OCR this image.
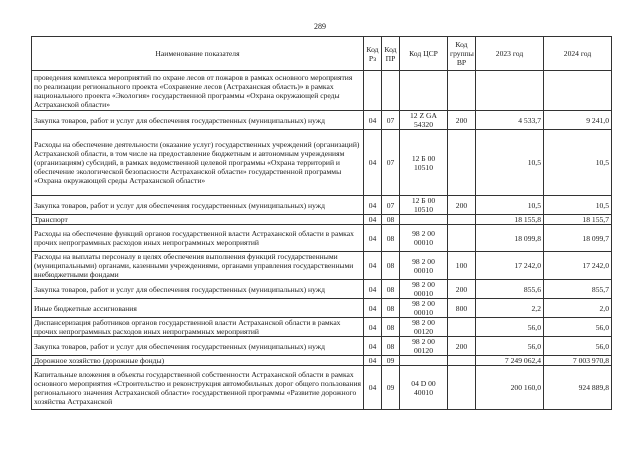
289
Наименование показателя	Код Рз	Код ПР	Код ЦСР	Код группы ВР	2023 год	2024 год
проведения комплекса мероприятий по охране лесов от пожаров в рамках основного мероприятия по реализации регионального проекта «Сохранение лесов (Астраханская область)» в рамках национального проекта «Экология» государственной программы «Охрана окружающей среды Астраханской области»						
Закупка товаров, работ и услуг для обеспечения государственных (муниципальных) нужд	04	07	12 Z GA 54320	200	4 533,7	9 241,0
Расходы на обеспечение деятельности (оказание услуг) государственных учреждений (организаций) Астраханской области, в том числе на предоставление бюджетным и автономным учреждениям (организациям) субсидий, в рамках ведомственной целевой программы «Охрана территорий и обеспечение экологической безопасности Астраханской области» государственной программы «Охрана окружающей среды Астраханской области»	04	07	12 Б 00 10510		10,5	10,5
Закупка товаров, работ и услуг для обеспечения государственных (муниципальных) нужд	04	07	12 Б 00 10510	200	10,5	10,5
Транспорт	04	08			18 155,8	18 155,7
Расходы на обеспечение функций органов государственной власти Астраханской области в рамках прочих непрограммных расходов иных непрограммных мероприятий	04	08	98 2 00 00010		18 099,8	18 099,7
Расходы на выплаты персоналу в целях обеспечения выполнения функций государственными (муниципальными) органами, казенными учреждениями, органами управления государственными внебюджетными фондами	04	08	98 2 00 00010	100	17 242,0	17 242,0
Закупка товаров, работ и услуг для обеспечения государственных (муниципальных) нужд	04	08	98 2 00 00010	200	855,6	855,7
Иные бюджетные ассигнования	04	08	98 2 00 00010	800	2,2	2,0
Диспансеризация работников органов государственной власти Астраханской области в рамках прочих непрограммных расходов иных непрограммных мероприятий	04	08	98 2 00 00120		56,0	56,0
Закупка товаров, работ и услуг для обеспечения государственных (муниципальных) нужд	04	08	98 2 00 00120	200	56,0	56,0
Дорожное хозяйство (дорожные фонды)	04	09			7 249 062,4	7 003 970,8
Капитальные вложения в объекты государственной собственности Астраханской области в рамках основного мероприятия «Строительство и реконструкция автомобильных дорог общего пользования регионального значения Астраханской области» государственной программы «Развитие дорожного хозяйства Астраханской	04	09	04 D 00 40010		200 160,0	924 889,8
